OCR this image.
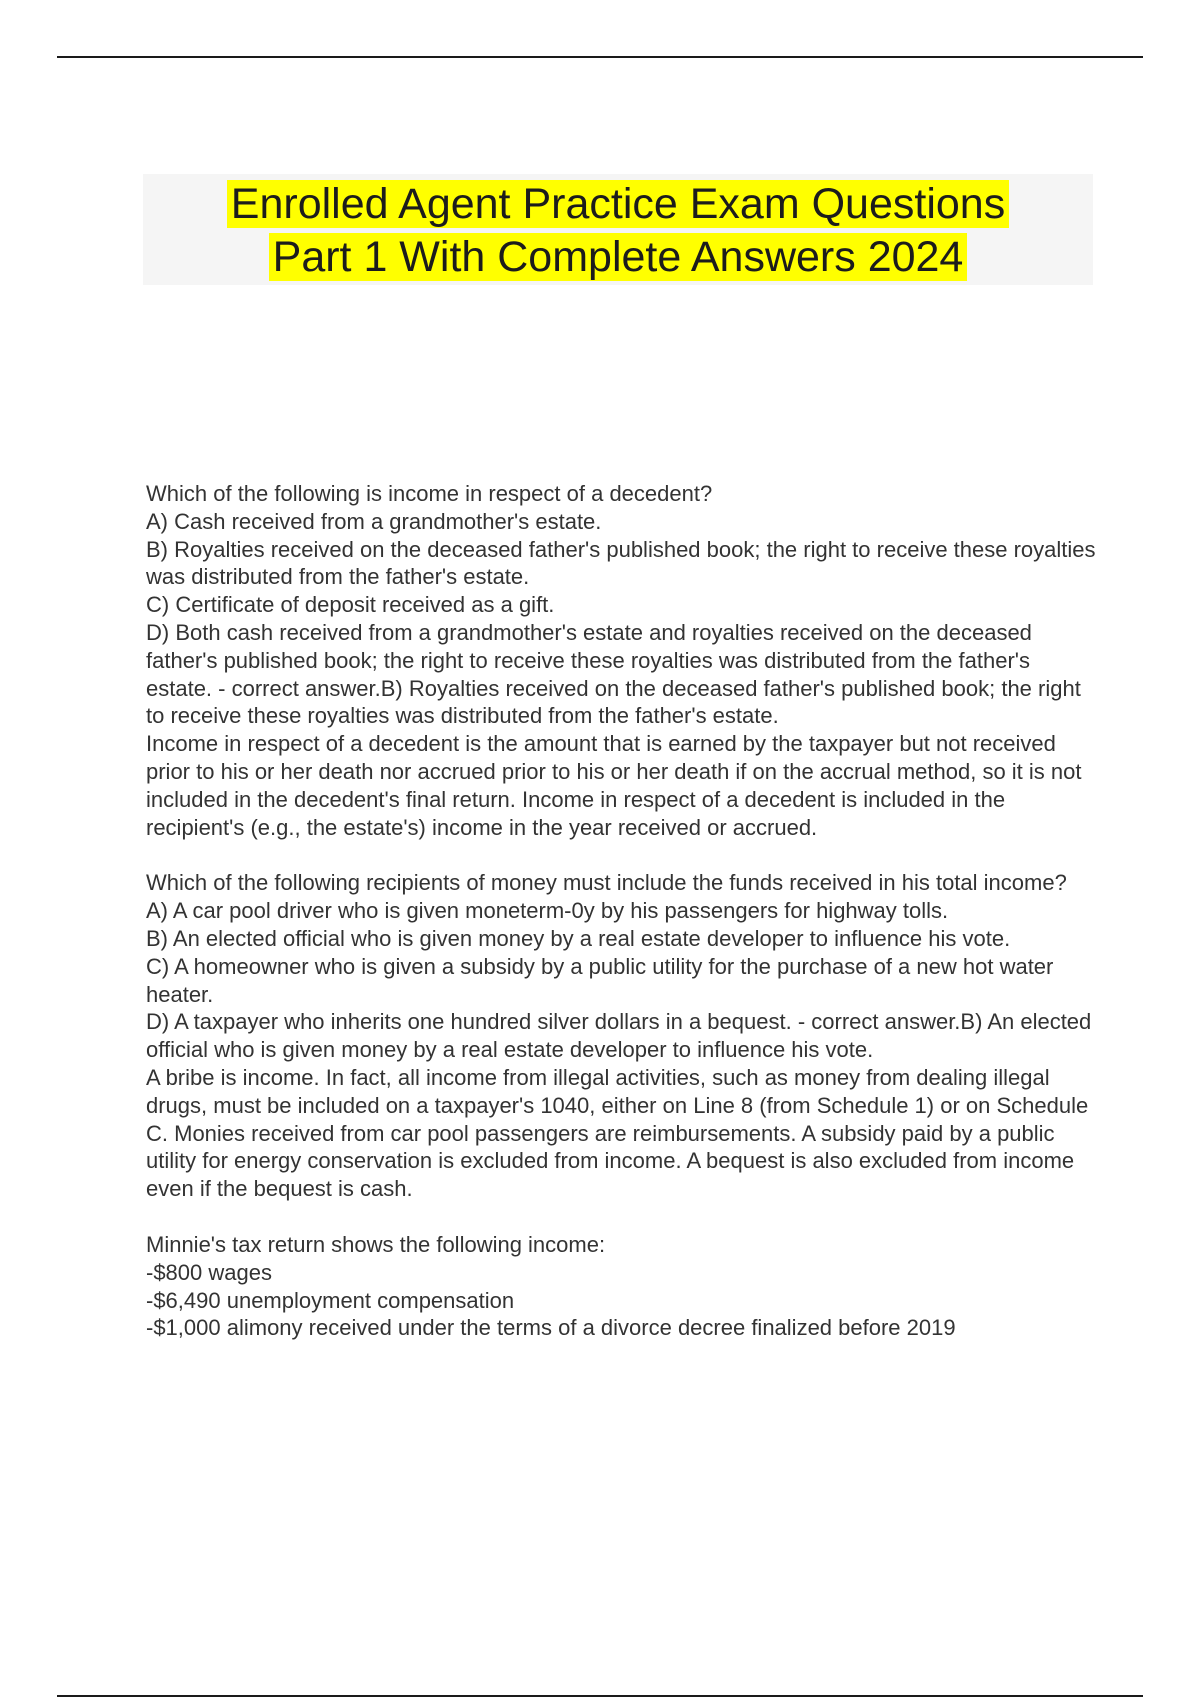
Enrolled Agent Practice Exam Questions
Part 1 With Complete Answers 2024

Which of the following is income in respect of a decedent?

A) Cash received from a grandmother's estate.

B) Royalties received on the deceased father's published book; the right to receive these royalties was distributed from the father's estate.

C) Certificate of deposit received as a gift.

D) Both cash received from a grandmother's estate and royalties received on the deceased father's published book; the right to receive these royalties was distributed from the father's estate. - correct answer.B) Royalties received on the deceased father's published book; the right to receive these royalties was distributed from the father's estate.

Income in respect of a decedent is the amount that is earned by the taxpayer but not received prior to his or her death nor accrued prior to his or her death if on the accrual method, so it is not included in the decedent's final return. Income in respect of a decedent is included in the recipient's (e.g., the estate's) income in the year received or accrued.

Which of the following recipients of money must include the funds received in his total income?

A) A car pool driver who is given moneterm-0y by his passengers for highway tolls.

B) An elected official who is given money by a real estate developer to influence his vote.

C) A homeowner who is given a subsidy by a public utility for the purchase of a new hot water heater.

D) A taxpayer who inherits one hundred silver dollars in a bequest. - correct answer.B) An elected official who is given money by a real estate developer to influence his vote.

A bribe is income. In fact, all income from illegal activities, such as money from dealing illegal drugs, must be included on a taxpayer's 1040, either on Line 8 (from Schedule 1) or on Schedule C. Monies received from car pool passengers are reimbursements. A subsidy paid by a public utility for energy conservation is excluded from income. A bequest is also excluded from income even if the bequest is cash.

Minnie's tax return shows the following income:

-$800 wages

-$6,490 unemployment compensation

-$1,000 alimony received under the terms of a divorce decree finalized before 2019
